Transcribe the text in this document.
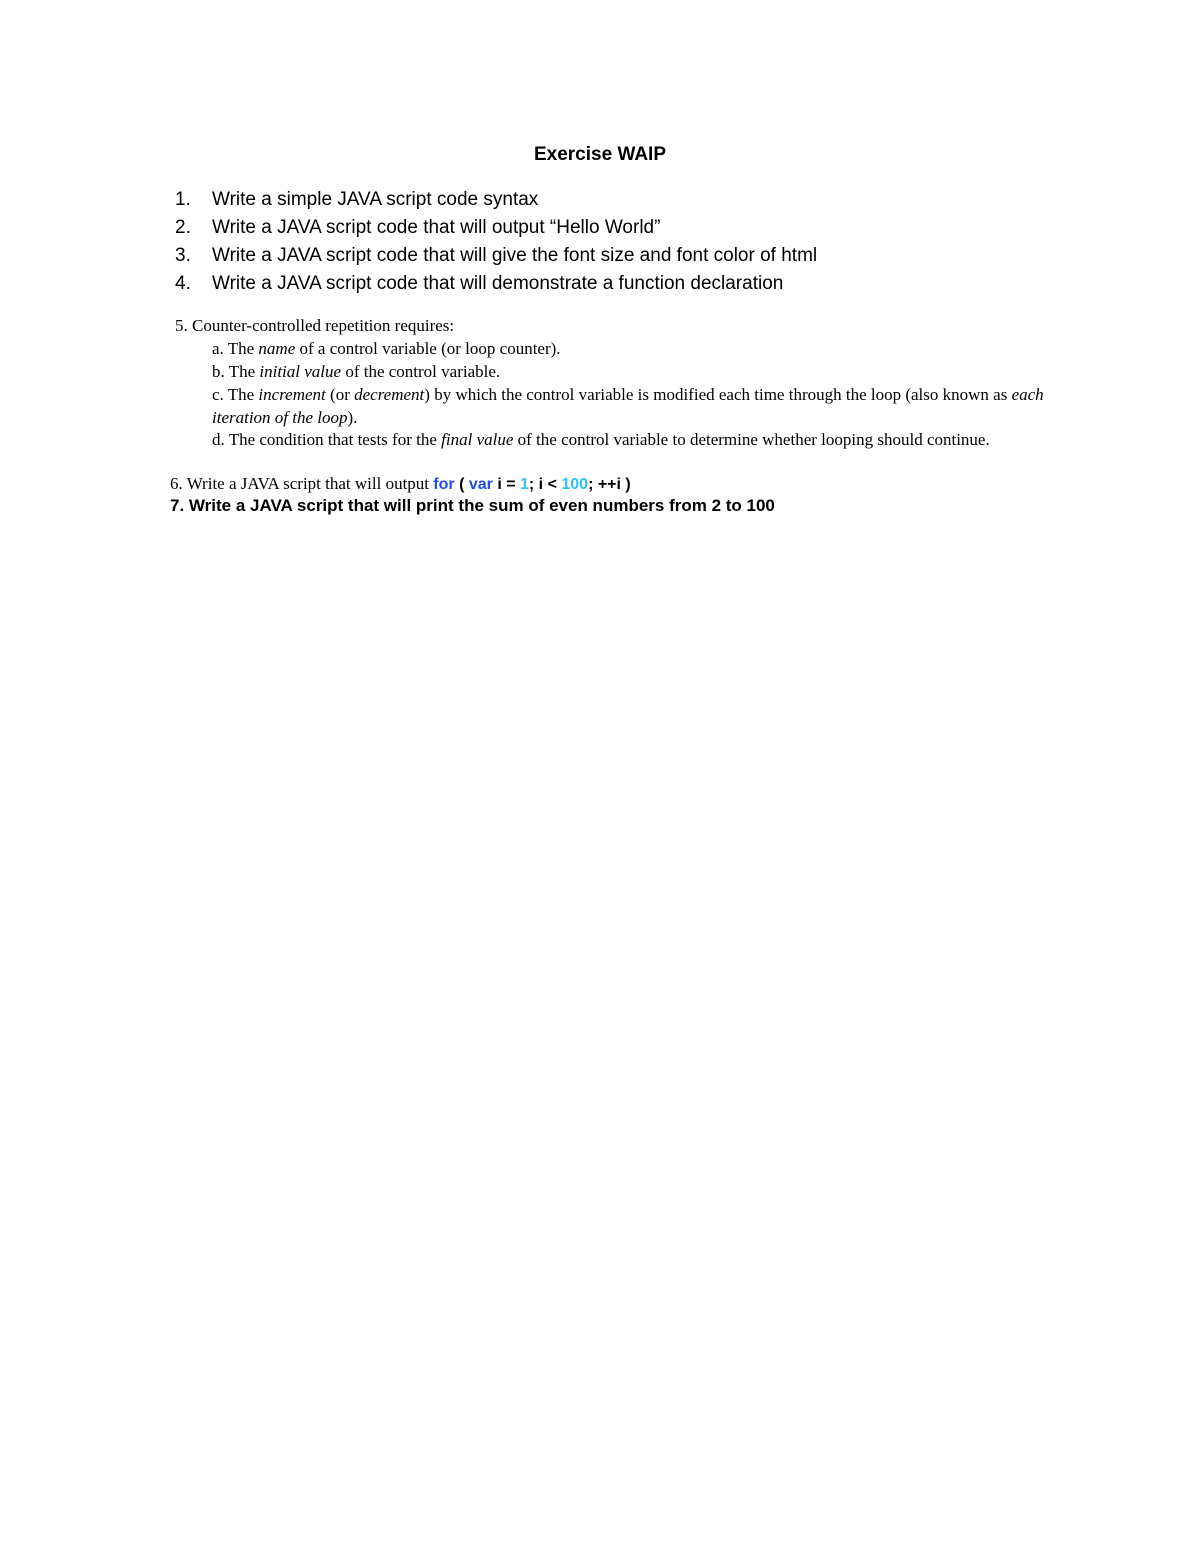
Exercise WAIP
1.	Write a simple JAVA script code syntax
2.	Write a JAVA script code that will output “Hello World”
3.	Write a JAVA script code that will give the font size and font color of html
4.	Write a JAVA script code that will demonstrate a function declaration
5. Counter-controlled repetition requires:
a. The name of a control variable (or loop counter).
b. The initial value of the control variable.
c. The increment (or decrement) by which the control variable is modified each time through the loop (also known as each iteration of the loop).
d. The condition that tests for the final value of the control variable to determine whether looping should continue.
6. Write a JAVA script that will output for ( var i = 1; i < 100; ++i )
7. Write a JAVA script that will print the sum of even numbers from 2 to 100
